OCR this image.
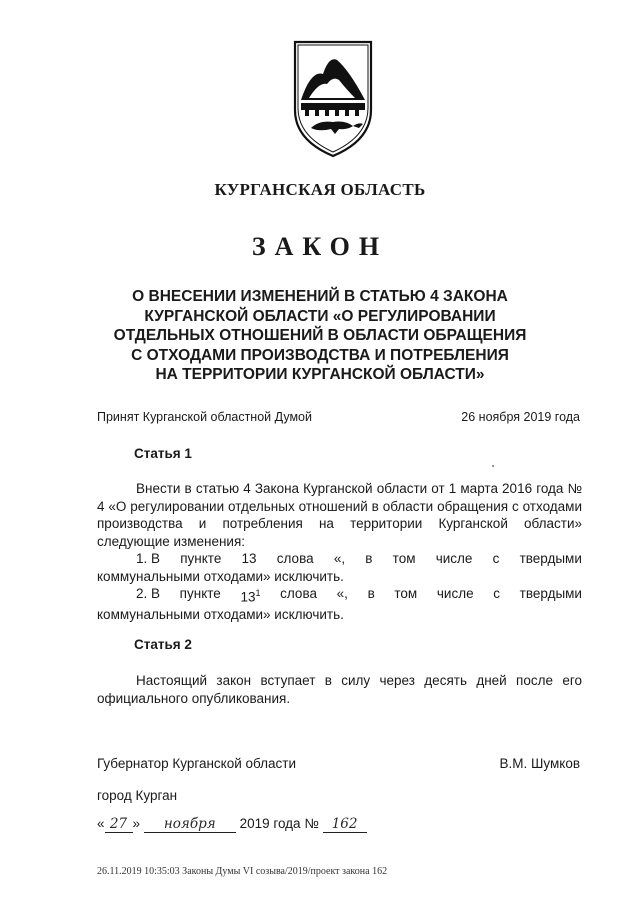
КУРГАНСКАЯ ОБЛАСТЬ
ЗАКОН
О ВНЕСЕНИИ ИЗМЕНЕНИЙ В СТАТЬЮ 4 ЗАКОНА
КУРГАНСКОЙ ОБЛАСТИ «О РЕГУЛИРОВАНИИ
ОТДЕЛЬНЫХ ОТНОШЕНИЙ В ОБЛАСТИ ОБРАЩЕНИЯ
С ОТХОДАМИ ПРОИЗВОДСТВА И ПОТРЕБЛЕНИЯ
НА ТЕРРИТОРИИ КУРГАНСКОЙ ОБЛАСТИ»
Принят Курганской областной Думой	26 ноября 2019 года
Статья 1
Внести в статью 4 Закона Курганской области от 1 марта 2016 года № 4 «О регулировании отдельных отношений в области обращения с отходами производства и потребления на территории Курганской области» следующие изменения:
1. В пункте 13 слова «, в том числе с твердыми
коммунальными отходами» исключить.
2. В пункте $13^1$ слова «, в том числе с твердыми
коммунальными отходами» исключить.
Статья 2
Настоящий закон вступает в силу через десять дней после его официального опубликования.
Губернатор Курганской области	В.М. Шумков
город Курган
« 27 » ноября 2019 года № 162
26.11.2019 10:35:03 Законы Думы VI созыва/2019/проект закона 162
